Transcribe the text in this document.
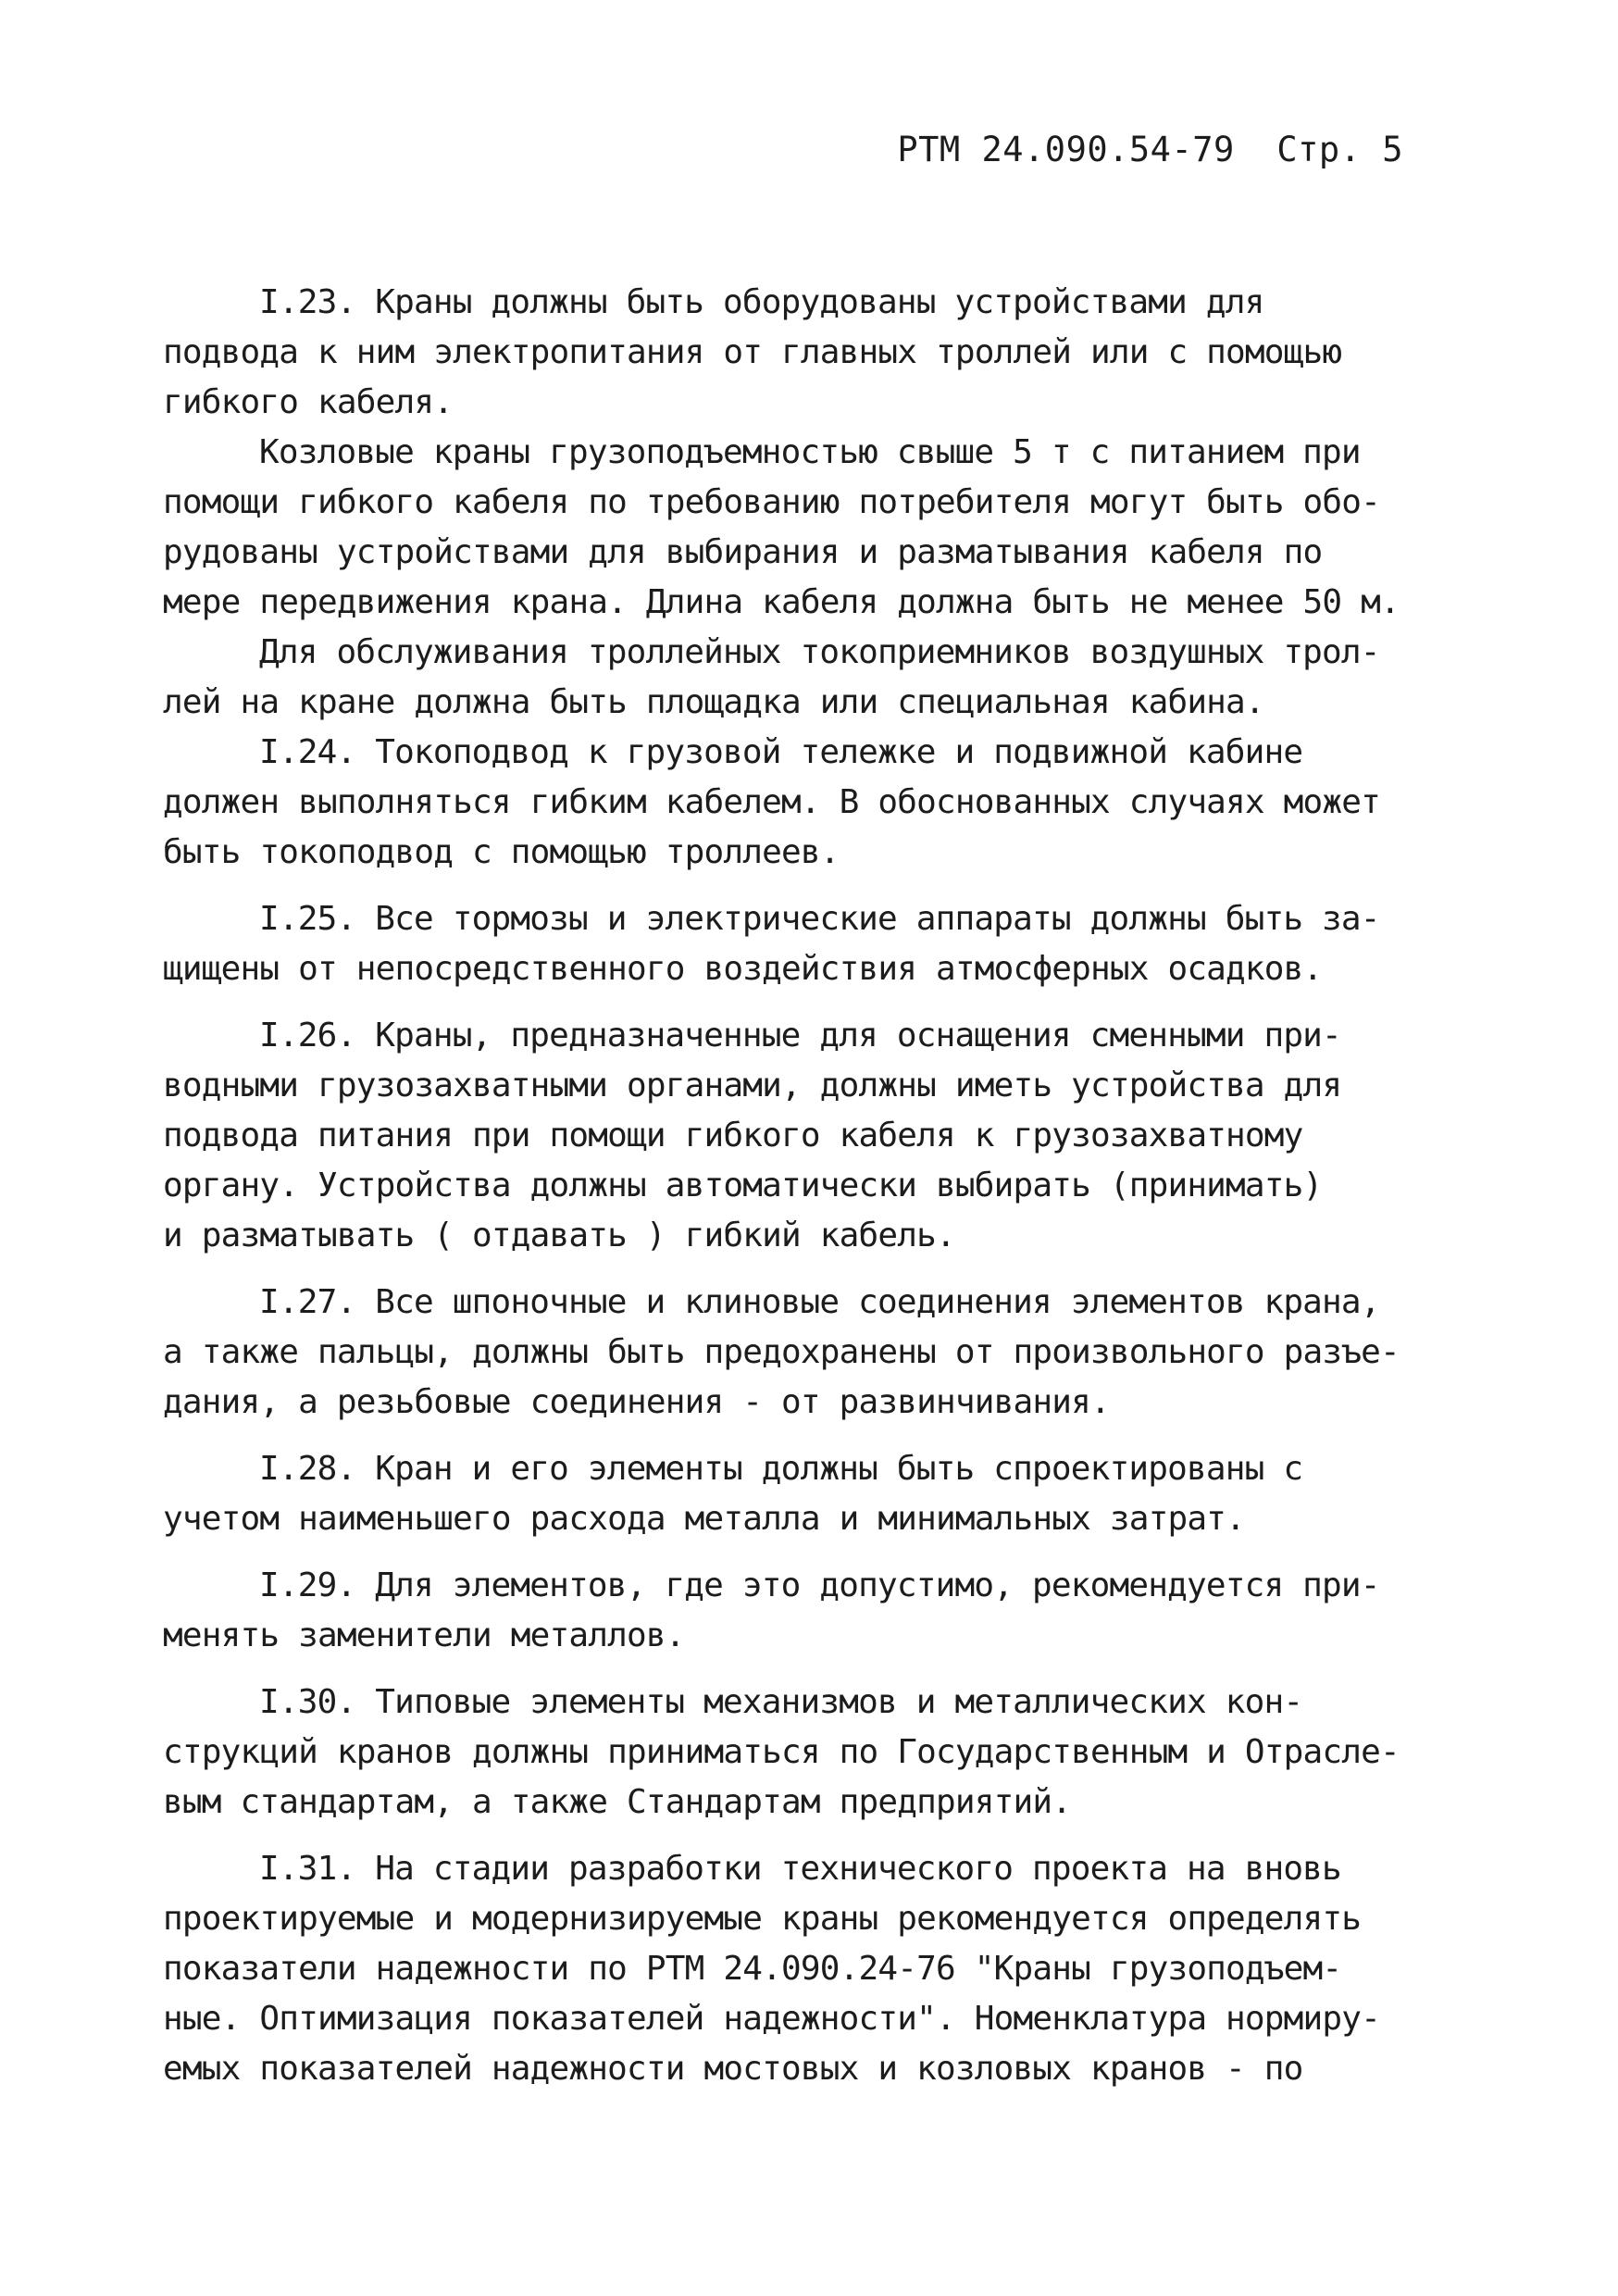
РТМ 24.090.54-79 Стр. 5

I.23. Краны должны быть оборудованы устройствами для
подвода к ним электропитания от главных троллей или с помощью
гибкого кабеля.

Козловые краны грузоподъемностью свыше 5 т с питанием при
помощи гибкого кабеля по требованию потребителя могут быть обо-
рудованы устройствами для выбирания и разматывания кабеля по
мере передвижения крана. Длина кабеля должна быть не менее 50 м.

Для обслуживания троллейных токоприемников воздушных трол-
лей на кране должна быть площадка или специальная кабина.

I.24. Токоподвод к грузовой тележке и подвижной кабине
должен выполняться гибким кабелем. В обоснованных случаях может
быть токоподвод с помощью троллеев.

I.25. Все тормозы и электрические аппараты должны быть за-
щищены от непосредственного воздействия атмосферных осадков.

I.26. Краны, предназначенные для оснащения сменными при-
водными грузозахватными органами, должны иметь устройства для
подвода питания при помощи гибкого кабеля к грузозахватному
органу. Устройства должны автоматически выбирать (принимать)
и разматывать ( отдавать ) гибкий кабель.

I.27. Все шпоночные и клиновые соединения элементов крана,
а также пальцы, должны быть предохранены от произвольного разъе-
дания, а резьбовые соединения - от развинчивания.

I.28. Кран и его элементы должны быть спроектированы с
учетом наименьшего расхода металла и минимальных затрат.

I.29. Для элементов, где это допустимо, рекомендуется при-
менять заменители металлов.

I.30. Типовые элементы механизмов и металлических кон-
струкций кранов должны приниматься по Государственным и Отрасле-
вым стандартам, а также Стандартам предприятий.

I.31. На стадии разработки технического проекта на вновь
проектируемые и модернизируемые краны рекомендуется определять
показатели надежности по РТМ 24.090.24-76 "Краны грузоподъем-
ные. Оптимизация показателей надежности". Номенклатура нормиру-
емых показателей надежности мостовых и козловых кранов - по
